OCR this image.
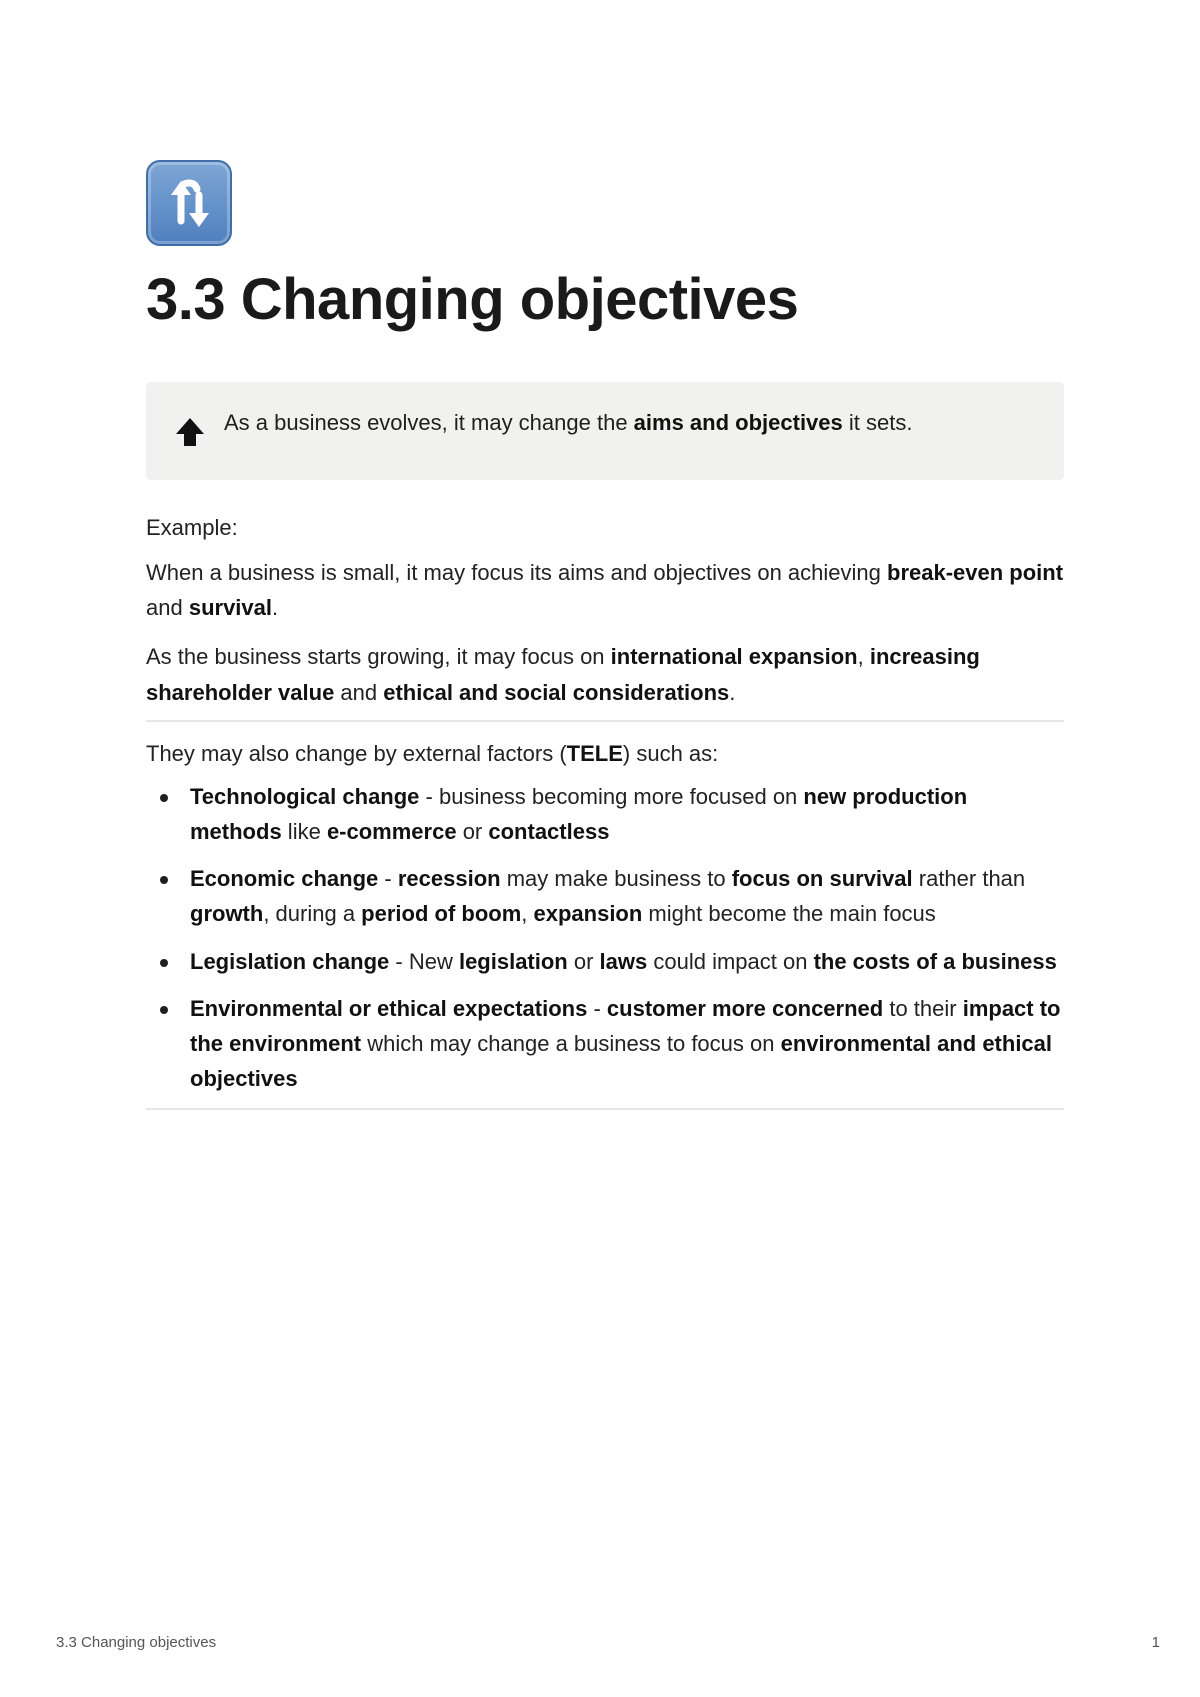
3.3 Changing objectives

As a business evolves, it may change the aims and objectives it sets.

Example:

When a business is small, it may focus its aims and objectives on achieving break-even point and survival.

As the business starts growing, it may focus on international expansion, increasing shareholder value and ethical and social considerations.

They may also change by external factors (TELE) such as:

Technological change - business becoming more focused on new production methods like e-commerce or contactless
Economic change - recession may make business to focus on survival rather than growth, during a period of boom, expansion might become the main focus
Legislation change - New legislation or laws could impact on the costs of a business
Environmental or ethical expectations - customer more concerned to their impact to the environment which may change a business to focus on environmental and ethical objectives
3.3 Changing objectives	1
